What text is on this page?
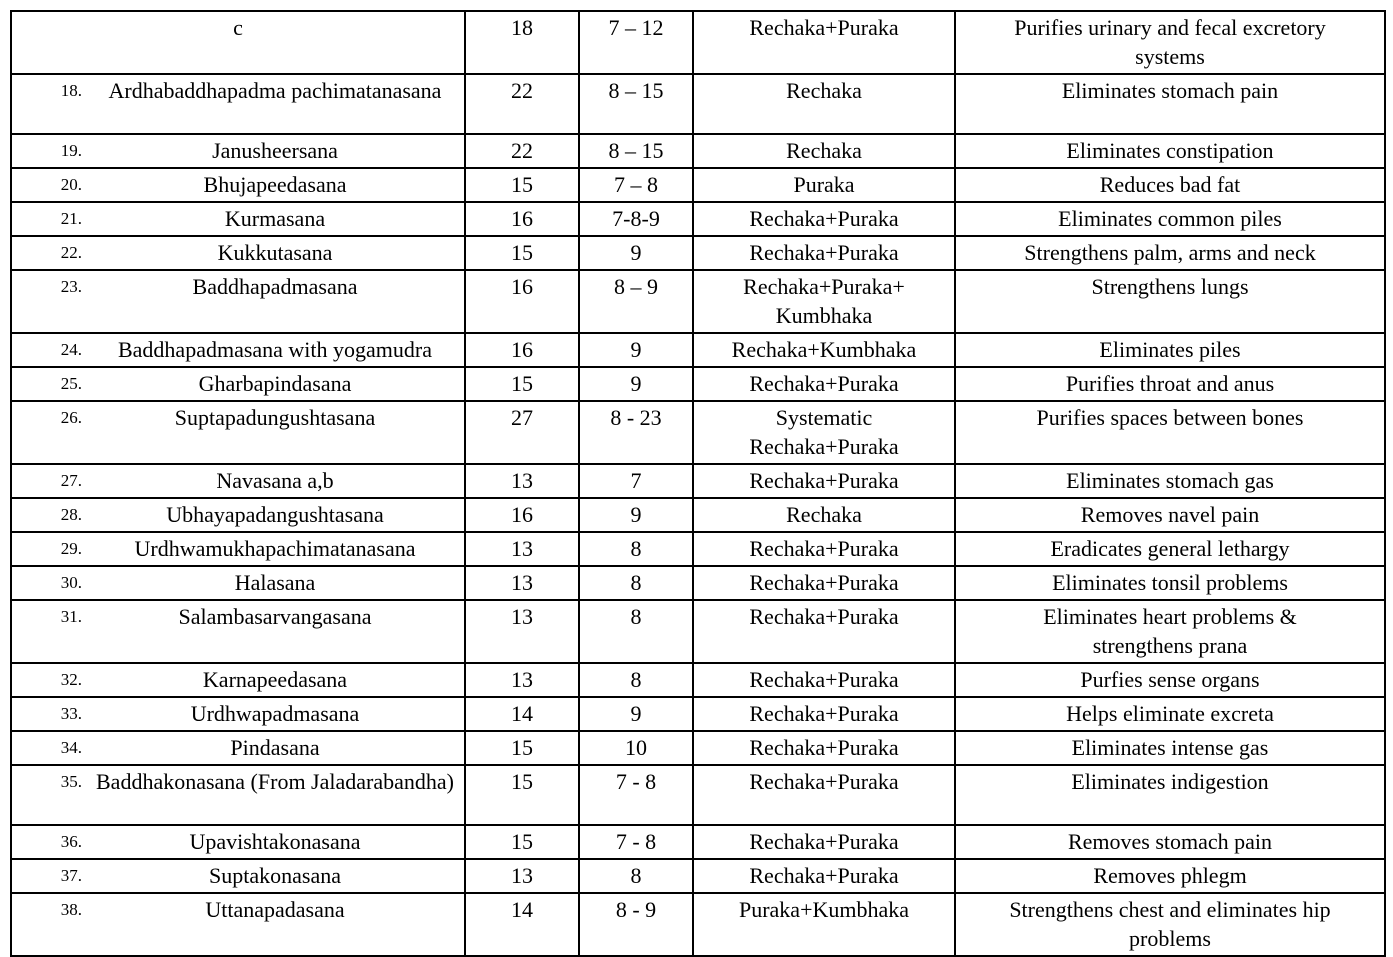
c	18	7 – 12	Rechaka+Puraka	Purifies urinary and fecal excretory systems

18. Ardhabaddhapadma pachimatanasana	22	8 – 15	Rechaka	Eliminates stomach pain

19. Janusheersana	22	8 – 15	Rechaka	Eliminates constipation

20. Bhujapeedasana	15	7 – 8	Puraka	Reduces bad fat

21. Kurmasana	16	7-8-9	Rechaka+Puraka	Eliminates common piles

22. Kukkutasana	15	9	Rechaka+Puraka	Strengthens palm, arms and neck

23. Baddhapadmasana	16	8 – 9	Rechaka+Puraka+ Kumbhaka	Strengthens lungs

24. Baddhapadmasana with yogamudra	16	9	Rechaka+Kumbhaka	Eliminates piles

25. Gharbapindasana	15	9	Rechaka+Puraka	Purifies throat and anus

26. Suptapadungushtasana	27	8 - 23	Systematic Rechaka+Puraka	Purifies spaces between bones

27. Navasana a,b	13	7	Rechaka+Puraka	Eliminates stomach gas

28. Ubhayapadangushtasana	16	9	Rechaka	Removes navel pain

29. Urdhwamukhapachimatanasana	13	8	Rechaka+Puraka	Eradicates general lethargy

30. Halasana	13	8	Rechaka+Puraka	Eliminates tonsil problems

31. Salambasarvangasana	13	8	Rechaka+Puraka	Eliminates heart problems & strengthens prana

32. Karnapeedasana	13	8	Rechaka+Puraka	Purfies sense organs

33. Urdhwapadmasana	14	9	Rechaka+Puraka	Helps eliminate excreta

34. Pindasana	15	10	Rechaka+Puraka	Eliminates intense gas

35. Baddhakonasana (From Jaladarabandha)	15	7 - 8	Rechaka+Puraka	Eliminates indigestion

36. Upavishtakonasana	15	7 - 8	Rechaka+Puraka	Removes stomach pain

37. Suptakonasana	13	8	Rechaka+Puraka	Removes phlegm

38. Uttanapadasana	14	8 - 9	Puraka+Kumbhaka	Strengthens chest and eliminates hip problems
